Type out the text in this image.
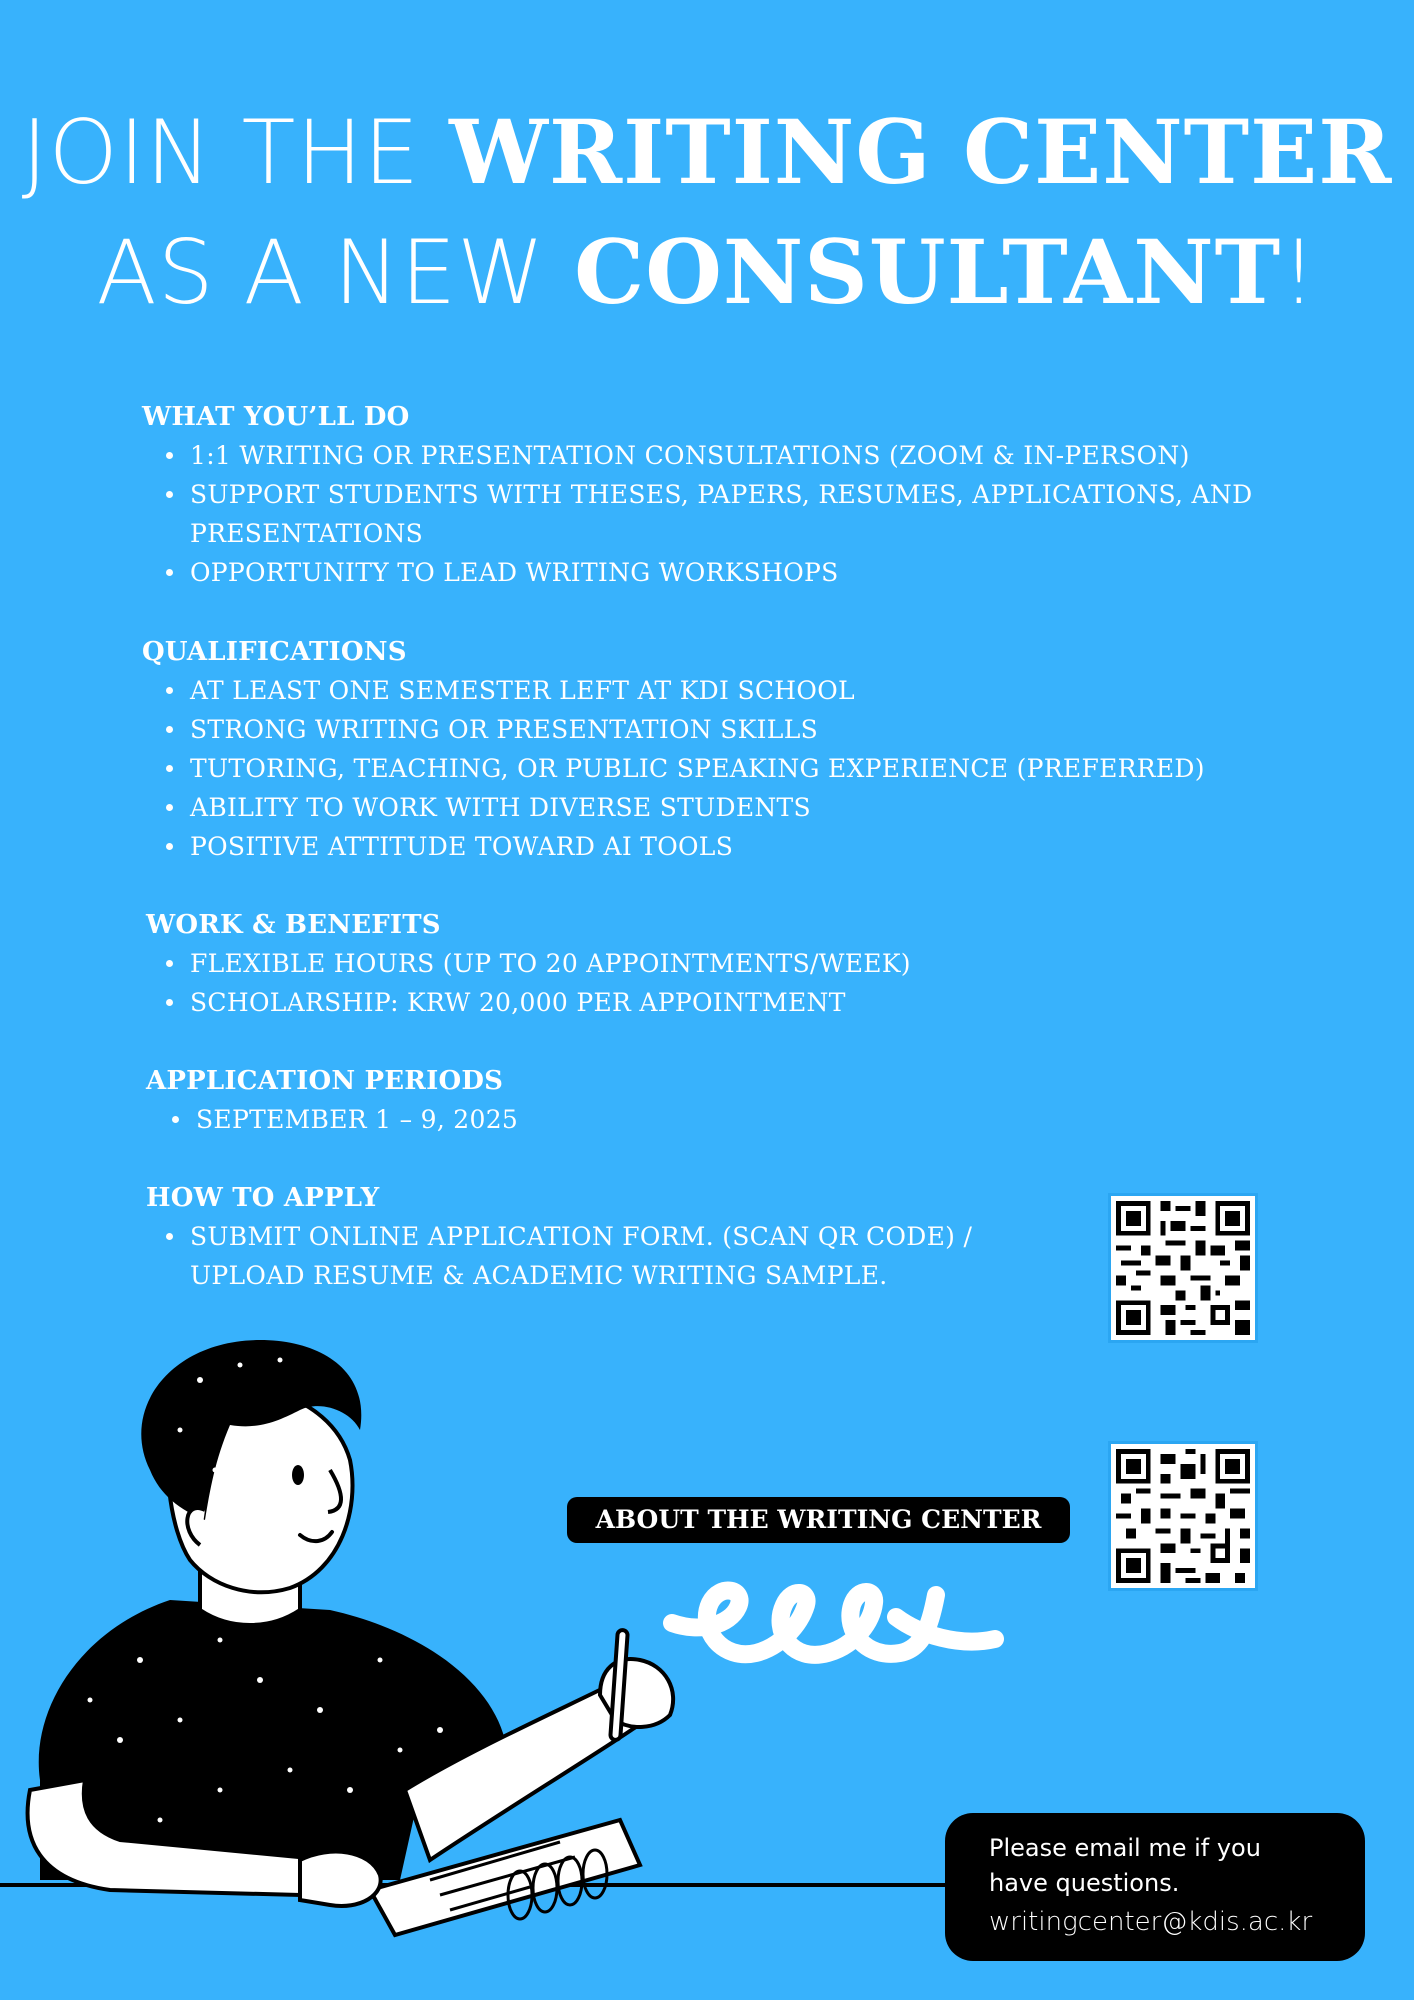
JOIN THE WRITING CENTER
AS A NEW CONSULTANT!
WHAT YOU’LL DO
1:1 WRITING OR PRESENTATION CONSULTATIONS (ZOOM & IN-PERSON)
SUPPORT STUDENTS WITH THESES, PAPERS, RESUMES, APPLICATIONS, AND PRESENTATIONS
OPPORTUNITY TO LEAD WRITING WORKSHOPS
QUALIFICATIONS
AT LEAST ONE SEMESTER LEFT AT KDI SCHOOL
STRONG WRITING OR PRESENTATION SKILLS
TUTORING, TEACHING, OR PUBLIC SPEAKING EXPERIENCE (PREFERRED)
ABILITY TO WORK WITH DIVERSE STUDENTS
POSITIVE ATTITUDE TOWARD AI TOOLS
WORK & BENEFITS
FLEXIBLE HOURS (UP TO 20 APPOINTMENTS/WEEK)
SCHOLARSHIP: KRW 20,000 PER APPOINTMENT
APPLICATION PERIODS
SEPTEMBER 1 – 9, 2025
HOW TO APPLY
SUBMIT ONLINE APPLICATION FORM. (SCAN QR CODE) / UPLOAD RESUME & ACADEMIC WRITING SAMPLE.
ABOUT THE WRITING CENTER
Please email me if you have questions.
writingcenter@kdis.ac.kr
